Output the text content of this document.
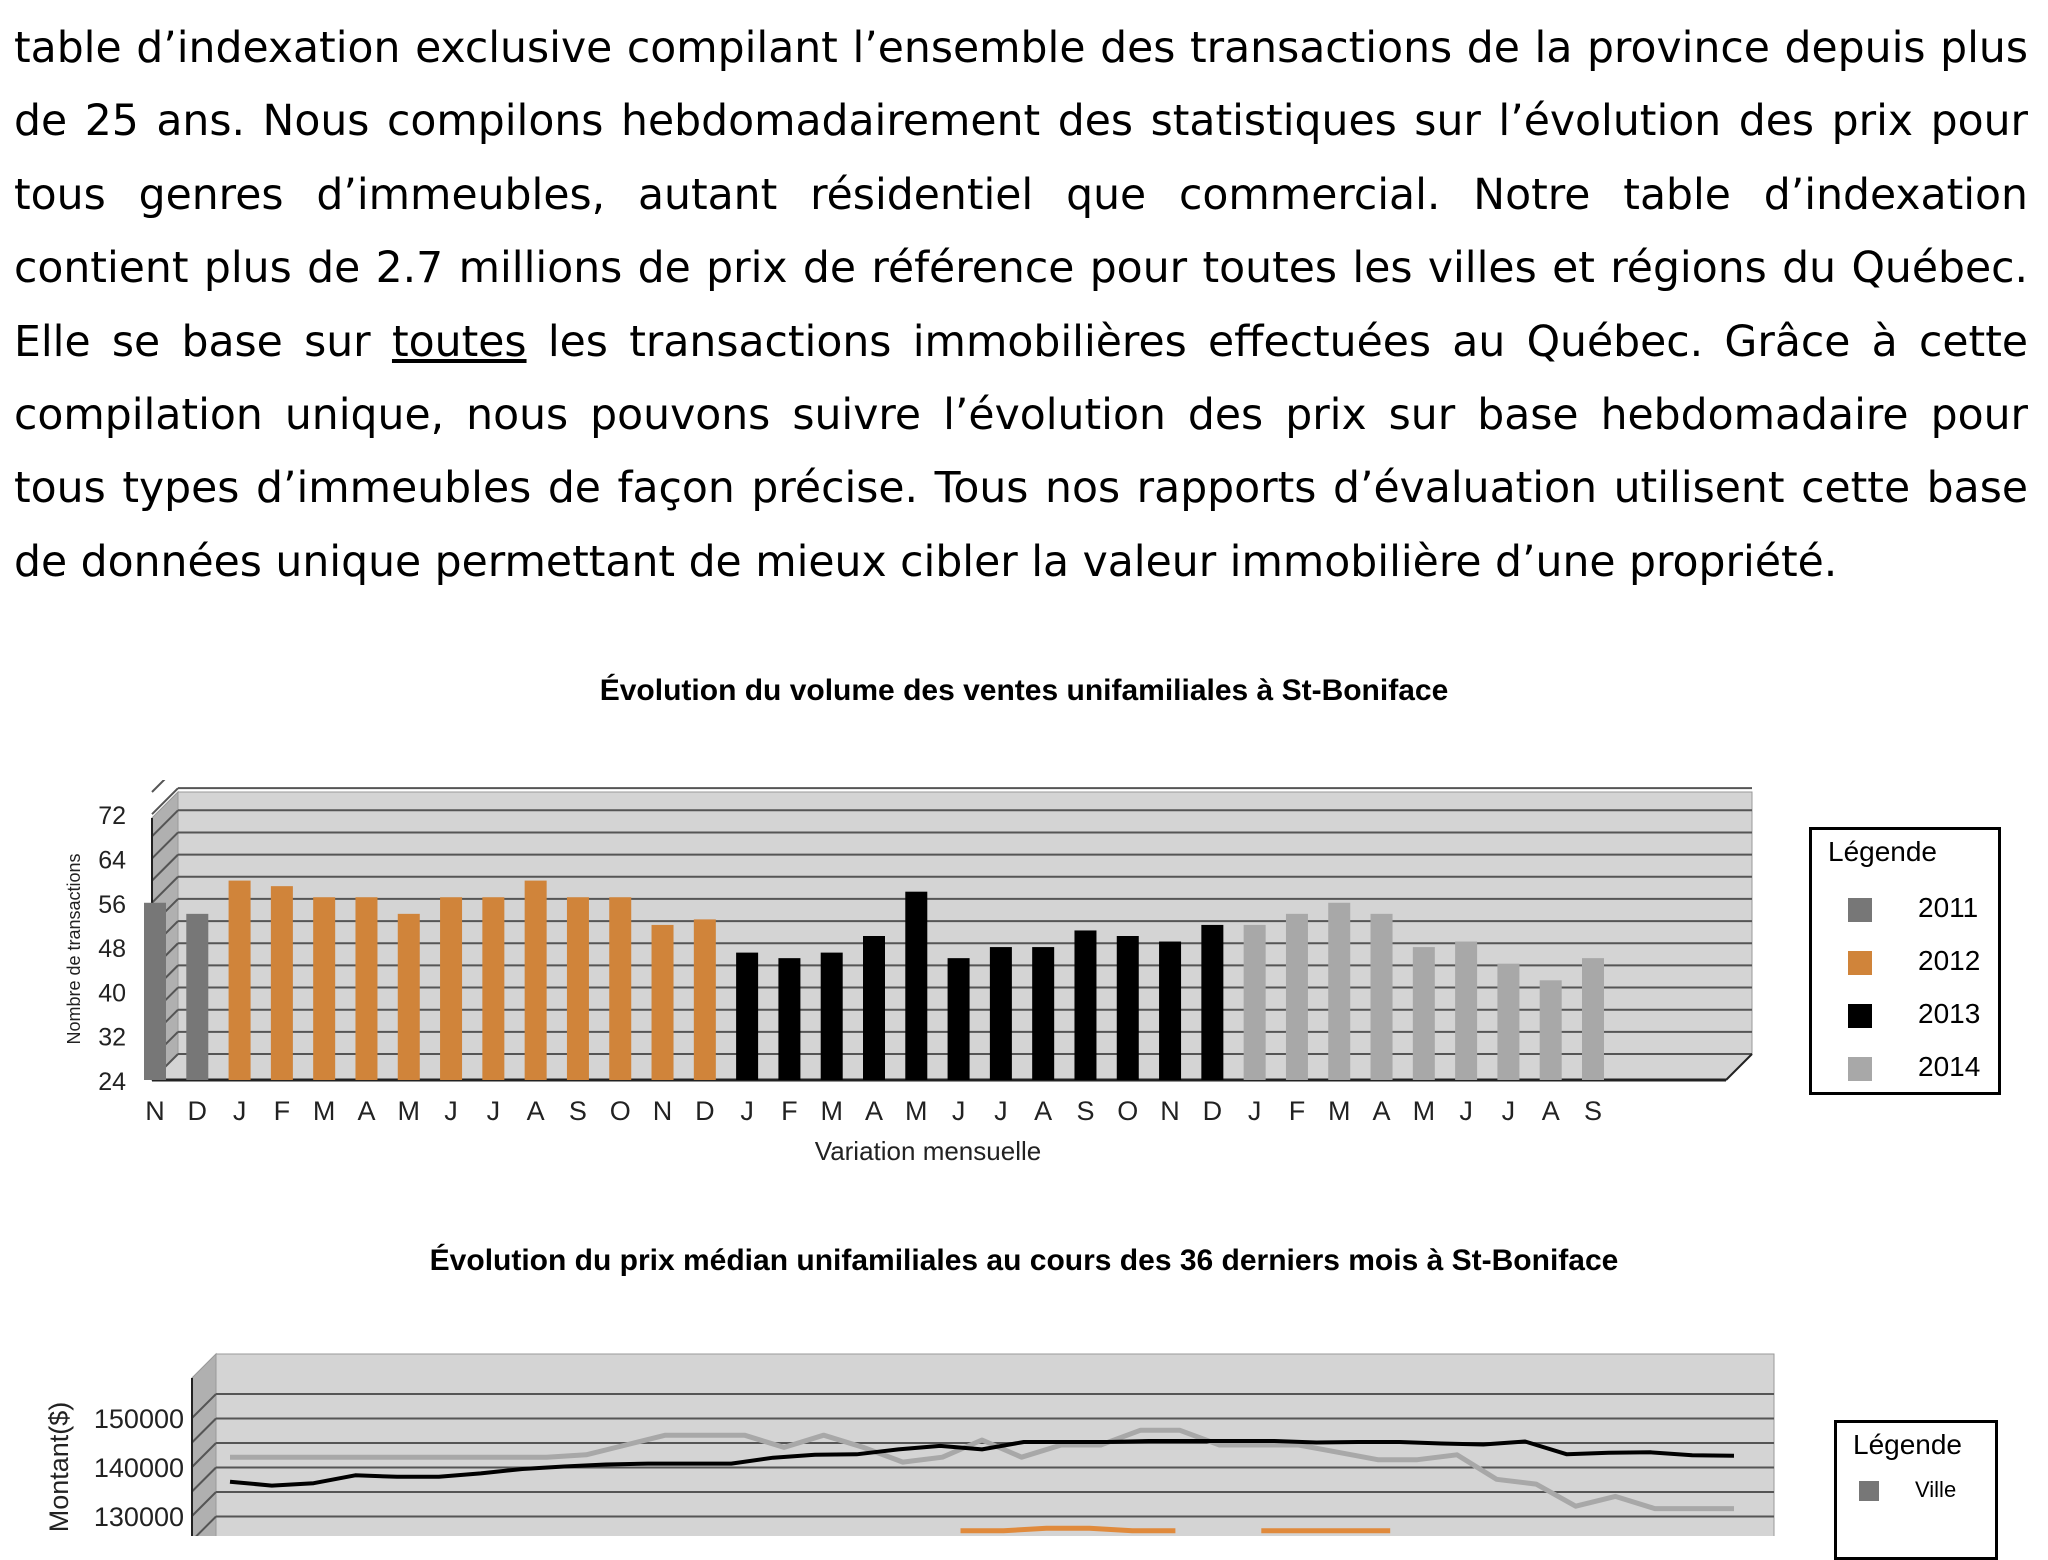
table d’indexation exclusive compilant l’ensemble des transactions de la province depuis plus de 25 ans. Nous compilons hebdomadairement des statistiques sur l’évolution des prix pour tous genres d’immeubles, autant résidentiel que commercial. Notre table d’indexation contient plus de 2.7 millions de prix de référence pour toutes les villes et régions du Québec. Elle se base sur toutes les transactions immobilières effectuées au Québec. Grâce à cette compilation unique, nous pouvons suivre l’évolution des prix sur base hebdomadaire pour tous types d’immeubles de façon précise. Tous nos rapports d’évaluation utilisent cette base de données unique permettant de mieux cibler la valeur immobilière d’une propriété.

Évolution du volume des ventes unifamiliales à St-Boniface
24
32
40
48
56
64
72
N D J F M A M J J A S O N D J F M A M J J A S O N D J F M A M J J A S
Variation mensuelle
Nombre de transactions
Légende
2011
2012
2013
2014
Évolution du prix médian unifamiliales au cours des 36 derniers mois à St-Boniface
130000
140000
150000
Montant($)	Légende
Ville
